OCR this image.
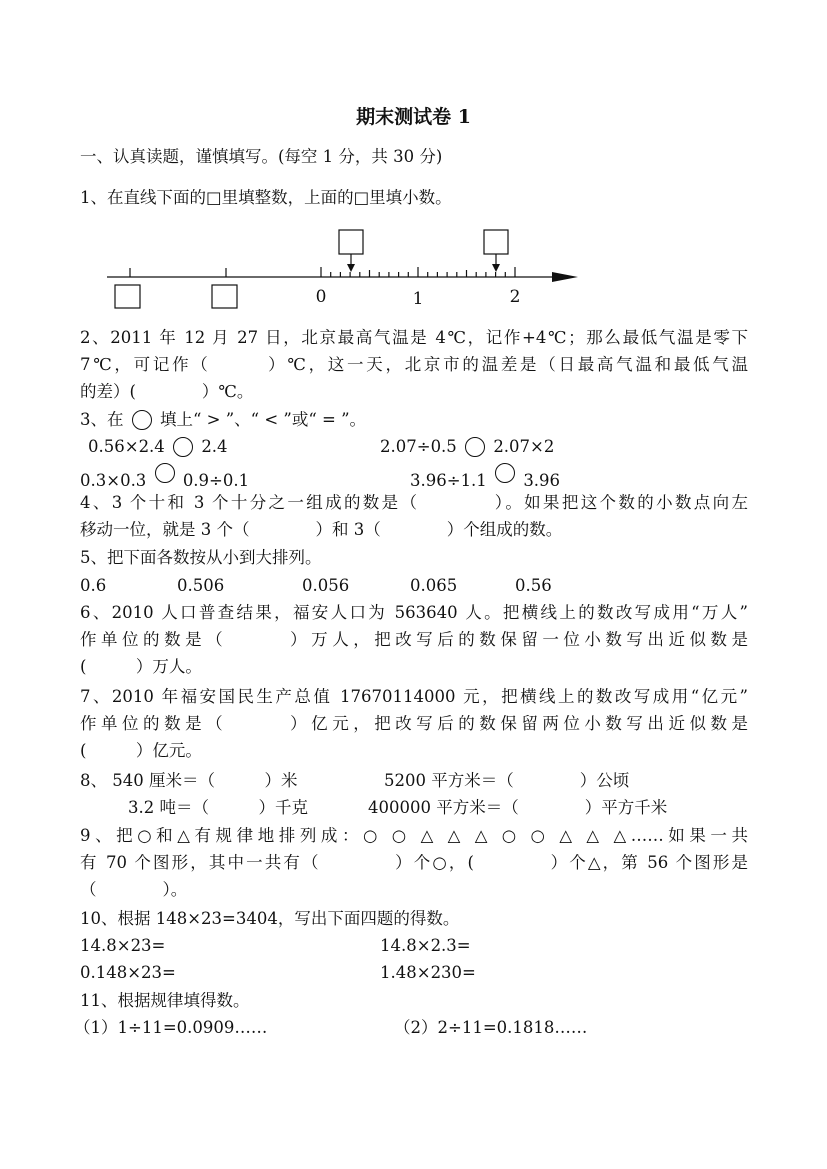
期末测试卷 1
一、认真读题，谨慎填写。(每空 1 分，共 30 分)
1、在直线下面的□里填整数，上面的□里填小数。
0	1	2
2、2011 年 12 月 27 日，北京最高气温是 4℃，记作+4℃；那么最低气温是零下
7℃，可记作（　　　）℃，这一天，北京市的温差是（日最高气温和最低气温
的差）(　　　　）℃。
3、在 填上“ > ”、“ < ”或“ = ”。
0.56×2.4 2.4	2.07÷0.5 2.07×2
0.3×0.3 0.9÷0.1	3.96÷1.1 3.96
4、3 个十和 3 个十分之一组成的数是（　　　　）。如果把这个数的小数点向左
移动一位，就是 3 个（　　　　）和 3（　　　　）个组成的数。
5、把下面各数按从小到大排列。
0.6	0.506	0.056	0.065	0.56
6、2010 人口普查结果，福安人口为 563640 人。把横线上的数改写成用“万人”
作单位的数是（　　　）万人，把改写后的数保留一位小数写出近似数是
(　　　）万人。
7、2010 年福安国民生产总值 17670114000 元，把横线上的数改写成用“亿元”
作单位的数是（　　　）亿元，把改写后的数保留两位小数写出近似数是
(　　　）亿元。
8、 540 厘米＝（　　　）米	5200 平方米＝（　　　　）公顷
3.2 吨＝（　　　）千克	400000 平方米＝（　　　　）平方千米
9、把○和△有规律地排列成：○ ○ △ △ △ ○ ○ △ △ △……如果一共
有 70 个图形，其中一共有（　　　　）个○，(　　　　）个△，第 56 个图形是
（　　　　）。
10、根据 148×23=3404，写出下面四题的得数。
14.8×23=	14.8×2.3=
0.148×23=	1.48×230=
11、根据规律填得数。
（1）1÷11=0.0909……	（2）2÷11=0.1818……
